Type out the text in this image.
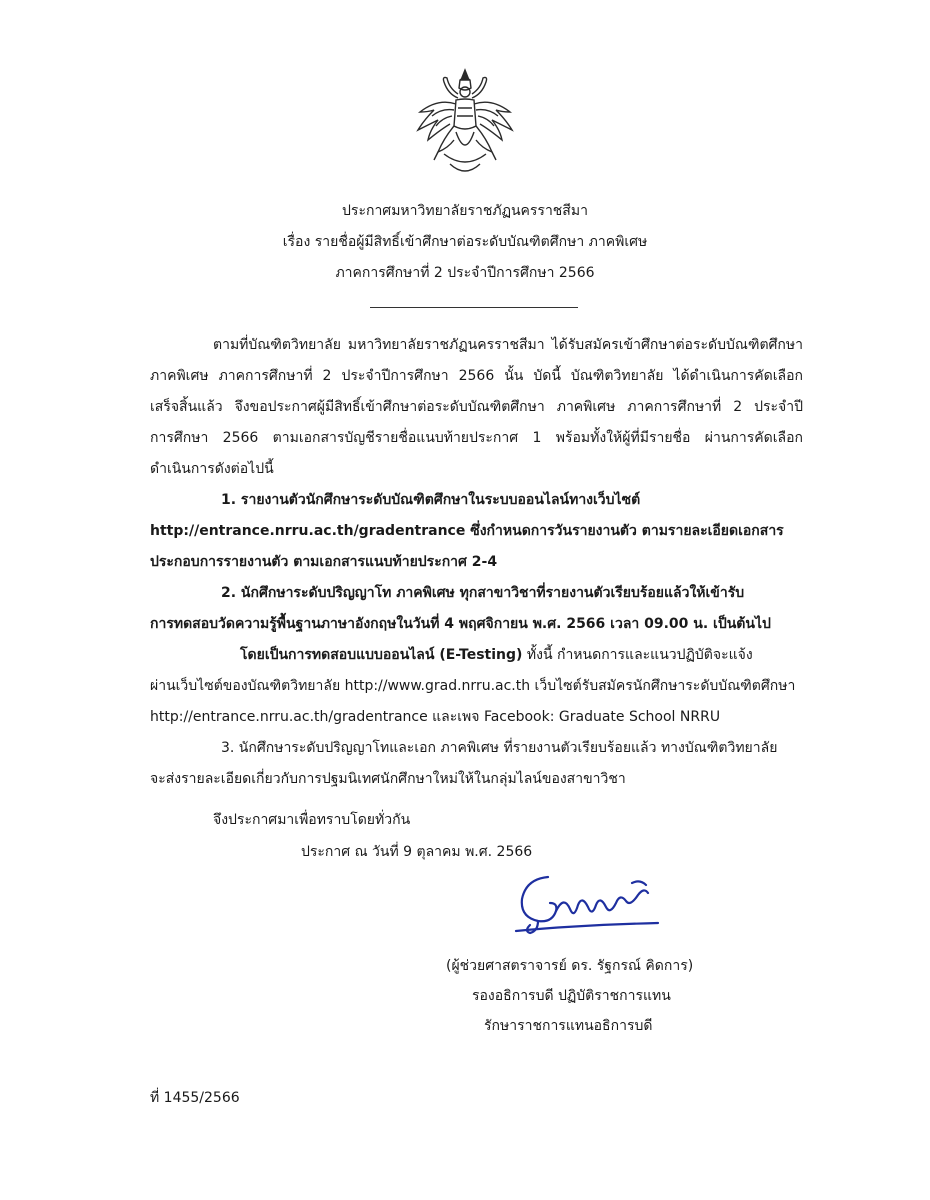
ประกาศมหาวิทยาลัยราชภัฏนครราชสีมา
เรื่อง รายชื่อผู้มีสิทธิ์เข้าศึกษาต่อระดับบัณฑิตศึกษา ภาคพิเศษ
ภาคการศึกษาที่ 2 ประจำปีการศึกษา 2566
ตามที่บัณฑิตวิทยาลัย มหาวิทยาลัยราชภัฏนครราชสีมา ได้รับสมัครเข้าศึกษาต่อระดับบัณฑิตศึกษา
ภาคพิเศษ ภาคการศึกษาที่ 2 ประจำปีการศึกษา 2566 นั้น บัดนี้ บัณฑิตวิทยาลัย ได้ดำเนินการคัดเลือก
เสร็จสิ้นแล้ว จึงขอประกาศผู้มีสิทธิ์เข้าศึกษาต่อระดับบัณฑิตศึกษา ภาคพิเศษ ภาคการศึกษาที่ 2 ประจำปี
การศึกษา 2566 ตามเอกสารบัญชีรายชื่อแนบท้ายประกาศ 1 พร้อมทั้งให้ผู้ที่มีรายชื่อ ผ่านการคัดเลือก
ดำเนินการดังต่อไปนี้
1. รายงานตัวนักศึกษาระดับบัณฑิตศึกษาในระบบออนไลน์ทางเว็บไซต์
http://entrance.nrru.ac.th/gradentrance ซึ่งกำหนดการวันรายงานตัว ตามรายละเอียดเอกสาร
ประกอบการรายงานตัว ตามเอกสารแนบท้ายประกาศ 2-4
2. นักศึกษาระดับปริญญาโท ภาคพิเศษ ทุกสาขาวิชาที่รายงานตัวเรียบร้อยแล้วให้เข้ารับ
การทดสอบวัดความรู้พื้นฐานภาษาอังกฤษในวันที่ 4 พฤศจิกายน พ.ศ. 2566 เวลา 09.00 น. เป็นต้นไป
โดยเป็นการทดสอบแบบออนไลน์ (E-Testing) ทั้งนี้ กำหนดการและแนวปฏิบัติจะแจ้ง
ผ่านเว็บไซต์ของบัณฑิตวิทยาลัย http://www.grad.nrru.ac.th เว็บไซต์รับสมัครนักศึกษาระดับบัณฑิตศึกษา
http://entrance.nrru.ac.th/gradentrance และเพจ Facebook: Graduate School NRRU
3. นักศึกษาระดับปริญญาโทและเอก ภาคพิเศษ ที่รายงานตัวเรียบร้อยแล้ว ทางบัณฑิตวิทยาลัย
จะส่งรายละเอียดเกี่ยวกับการปฐมนิเทศนักศึกษาใหม่ให้ในกลุ่มไลน์ของสาขาวิชา
จึงประกาศมาเพื่อทราบโดยทั่วกัน
ประกาศ ณ วันที่ 9 ตุลาคม พ.ศ. 2566
(ผู้ช่วยศาสตราจารย์ ดร. รัฐกรณ์ คิดการ)
รองอธิการบดี ปฏิบัติราชการแทน
รักษาราชการแทนอธิการบดี
ที่ 1455/2566
